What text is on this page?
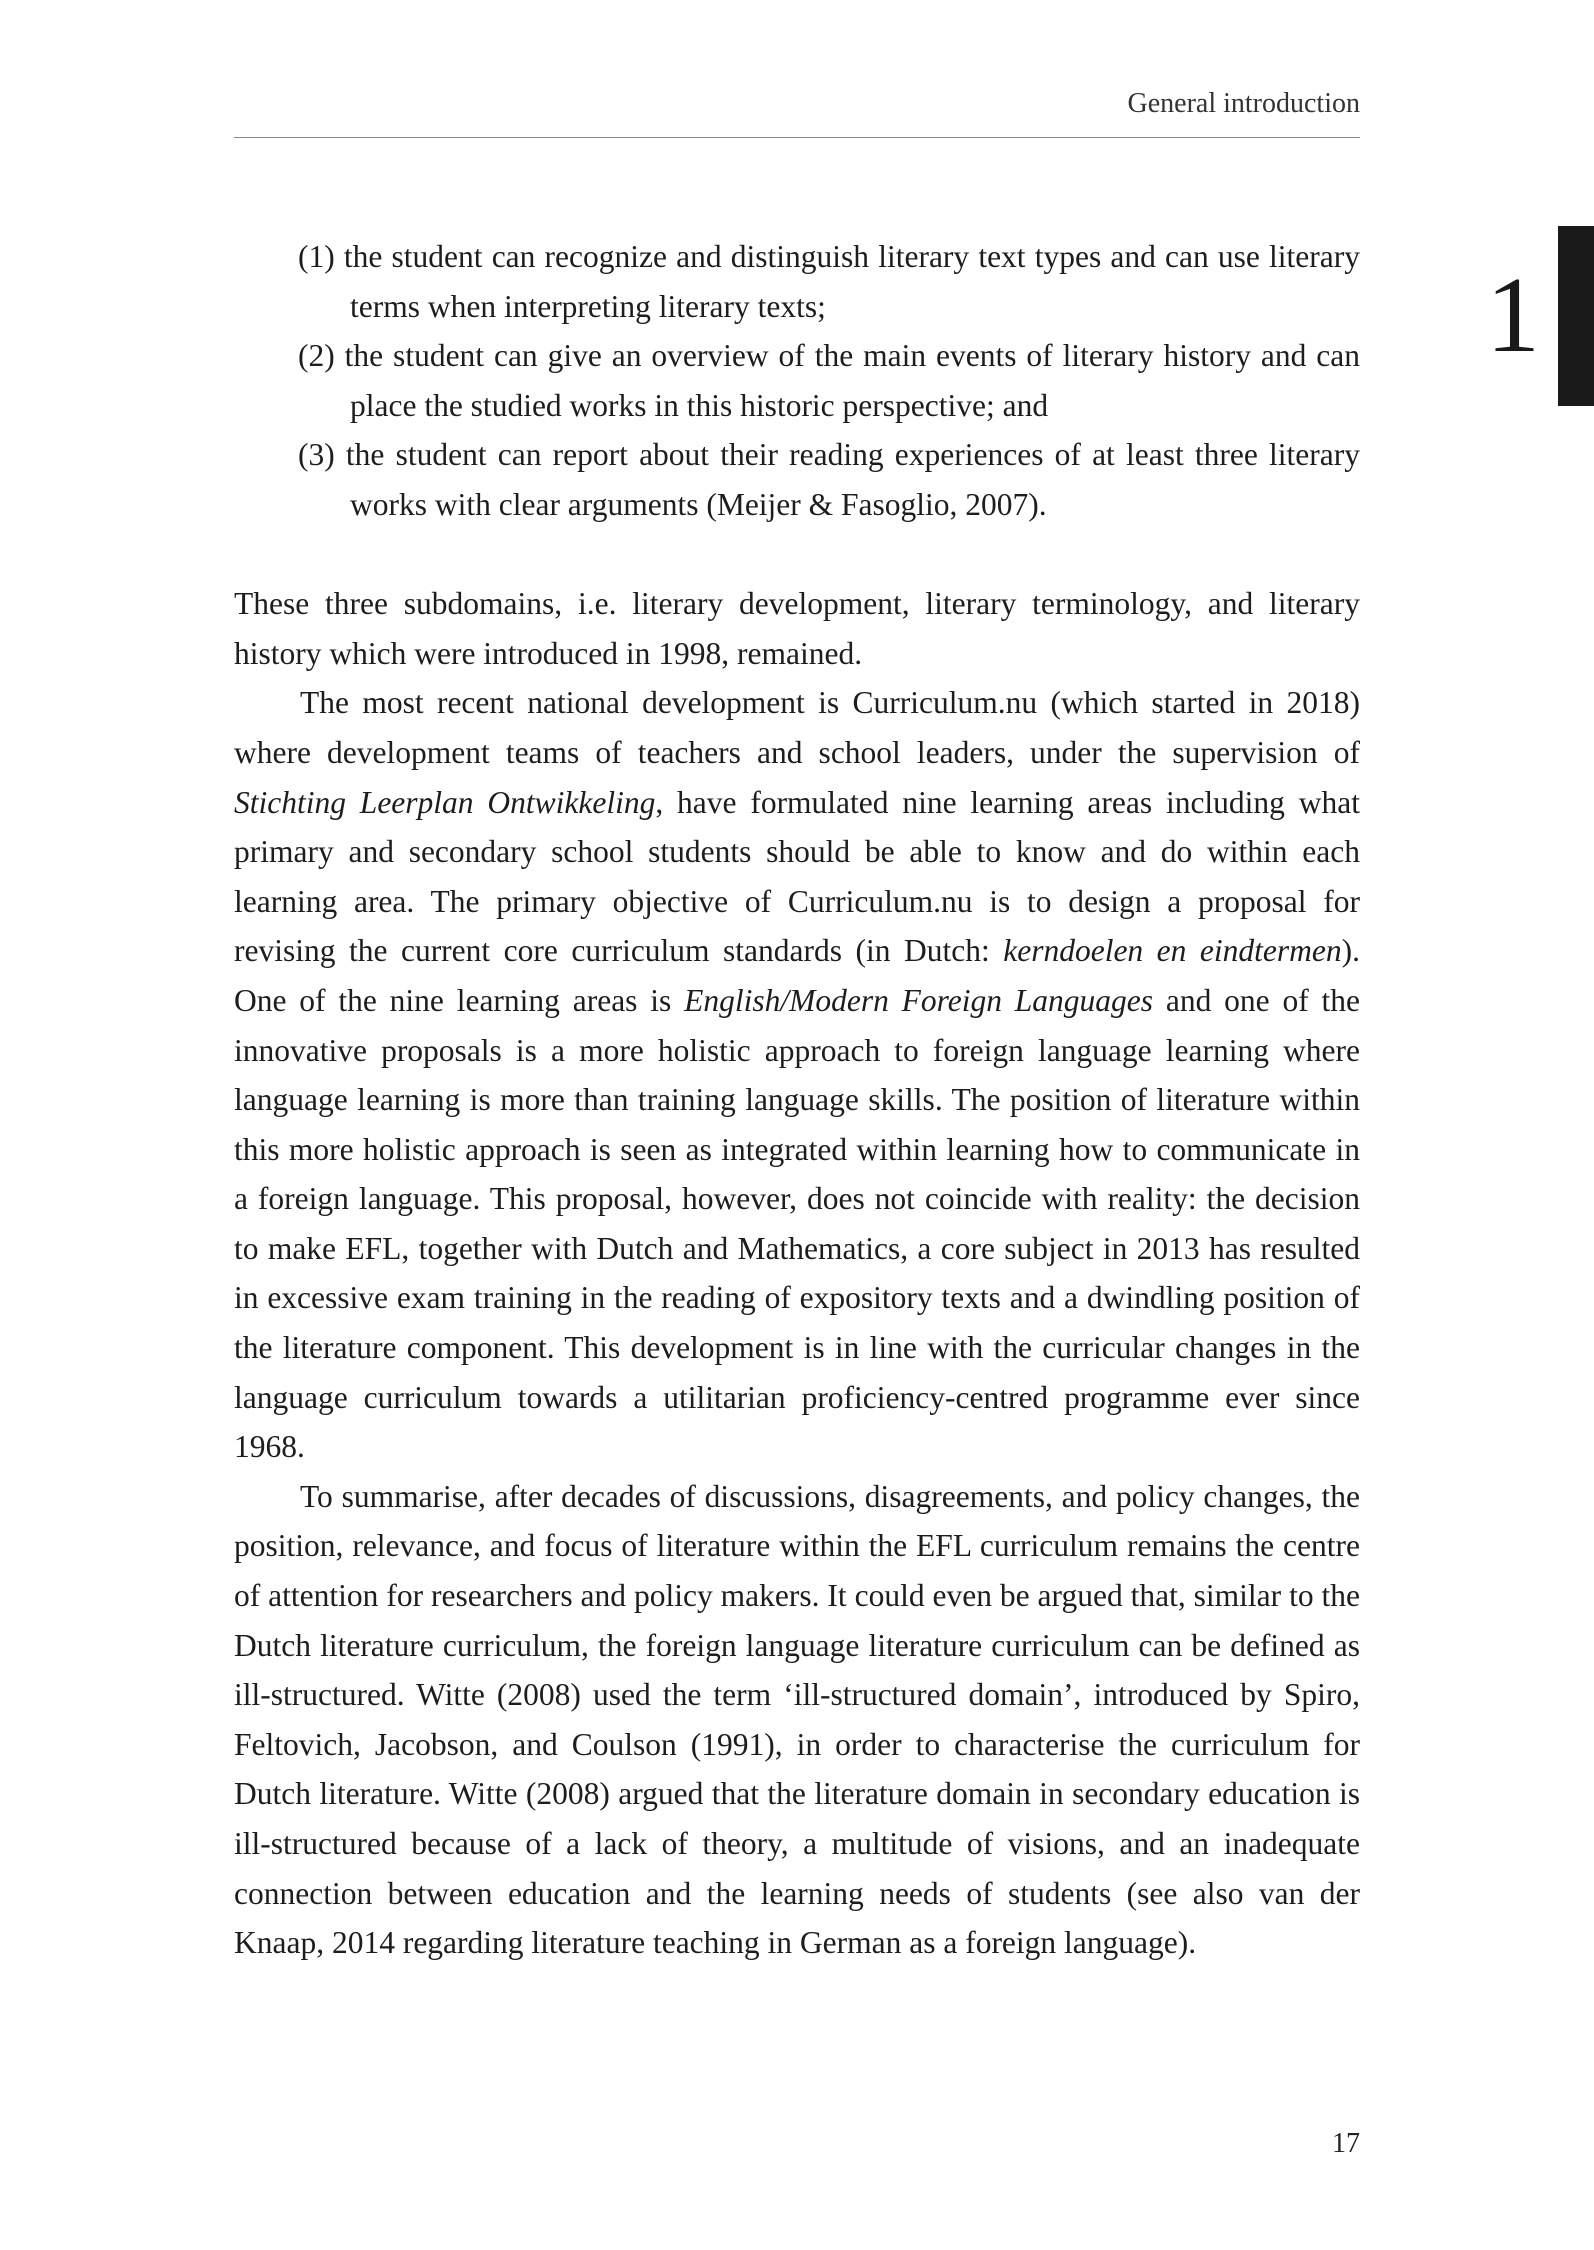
General introduction
1
(1) the student can recognize and distinguish literary text types and can use literary terms when interpreting literary texts;
(2) the student can give an overview of the main events of literary history and can place the studied works in this historic perspective; and
(3) the student can report about their reading experiences of at least three literary works with clear arguments (Meijer & Fasoglio, 2007).

These three subdomains, i.e. literary development, literary terminology, and literary history which were introduced in 1998, remained.

The most recent national development is Curriculum.nu (which started in 2018) where development teams of teachers and school leaders, under the supervision of Stichting Leerplan Ontwikkeling, have formulated nine learning areas including what primary and secondary school students should be able to know and do within each learning area. The primary objective of Curriculum.nu is to design a proposal for revising the current core curriculum standards (in Dutch: kerndoelen en eindtermen). One of the nine learning areas is English/Modern Foreign Languages and one of the innovative proposals is a more holistic approach to foreign language learning where language learning is more than training language skills. The position of literature within this more holistic approach is seen as integrated within learning how to communicate in a foreign language. This proposal, however, does not coincide with reality: the decision to make EFL, together with Dutch and Mathematics, a core subject in 2013 has resulted in excessive exam training in the reading of expository texts and a dwindling position of the literature component. This development is in line with the curricular changes in the language curriculum towards a utilitarian proficiency-centred programme ever since 1968.

To summarise, after decades of discussions, disagreements, and policy changes, the position, relevance, and focus of literature within the EFL curriculum remains the centre of attention for researchers and policy makers. It could even be argued that, similar to the Dutch literature curriculum, the foreign language literature curriculum can be defined as ill-structured. Witte (2008) used the term ‘ill-structured domain’, introduced by Spiro, Feltovich, Jacobson, and Coulson (1991), in order to characterise the curriculum for Dutch literature. Witte (2008) argued that the literature domain in secondary education is ill-structured because of a lack of theory, a multitude of visions, and an inadequate connection between education and the learning needs of students (see also van der Knaap, 2014 regarding literature teaching in German as a foreign language).

17
